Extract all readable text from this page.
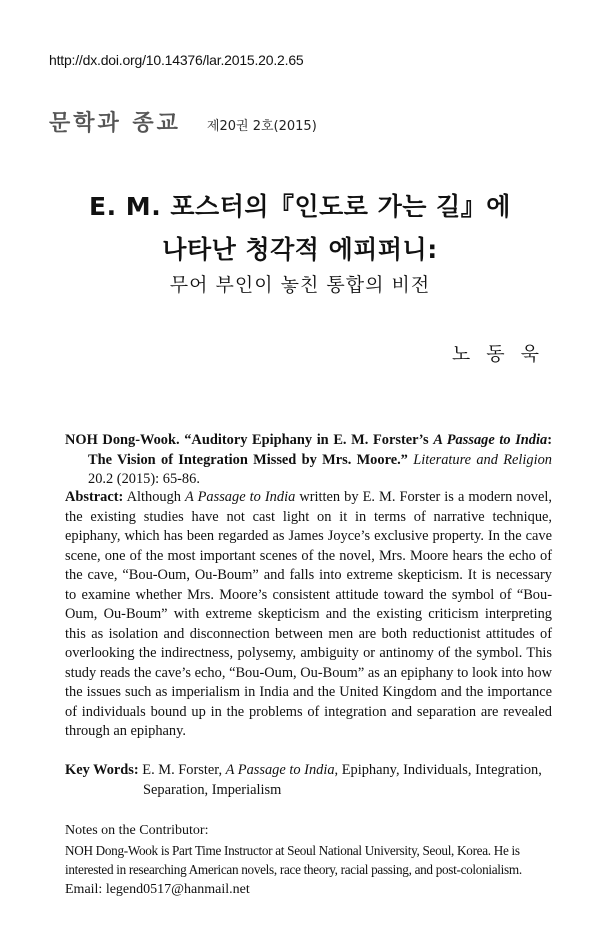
http://dx.doi.org/10.14376/lar.2015.20.2.65
문학과 종교 제20권 2호(2015)
E. M. 포스터의『인도로 가는 길』에
나타난 청각적 에피퍼니:
무어 부인이 놓친 통합의 비전
노 동 욱
NOH Dong-Wook. “Auditory Epiphany in E. M. Forster’s A Passage to India: The Vision of Integration Missed by Mrs. Moore.” Literature and Religion 20.2 (2015): 65-86.
Abstract: Although A Passage to India written by E. M. Forster is a modern novel, the existing studies have not cast light on it in terms of narrative technique, epiphany, which has been regarded as James Joyce’s exclusive property. In the cave scene, one of the most important scenes of the novel, Mrs. Moore hears the echo of the cave, “Bou-Oum, Ou-Boum” and falls into extreme skepticism. It is necessary to examine whether Mrs. Moore’s consistent attitude toward the symbol of “Bou-Oum, Ou-Boum” with extreme skepticism and the existing criticism interpreting this as isolation and disconnection between men are both reductionist attitudes of overlooking the indirectness, polysemy, ambiguity or antinomy of the symbol. This study reads the cave’s echo, “Bou-Oum, Ou-Boum” as an epiphany to look into how the issues such as imperialism in India and the United Kingdom and the importance of individuals bound up in the problems of integration and separation are revealed through an epiphany.
Key Words: E. M. Forster, A Passage to India, Epiphany, Individuals, Integration,
Separation, Imperialism
Notes on the Contributor:
NOH Dong-Wook is Part Time Instructor at Seoul National University, Seoul, Korea. He is
interested in researching American novels, race theory, racial passing, and post-colonialism.
Email: legend0517@hanmail.net
